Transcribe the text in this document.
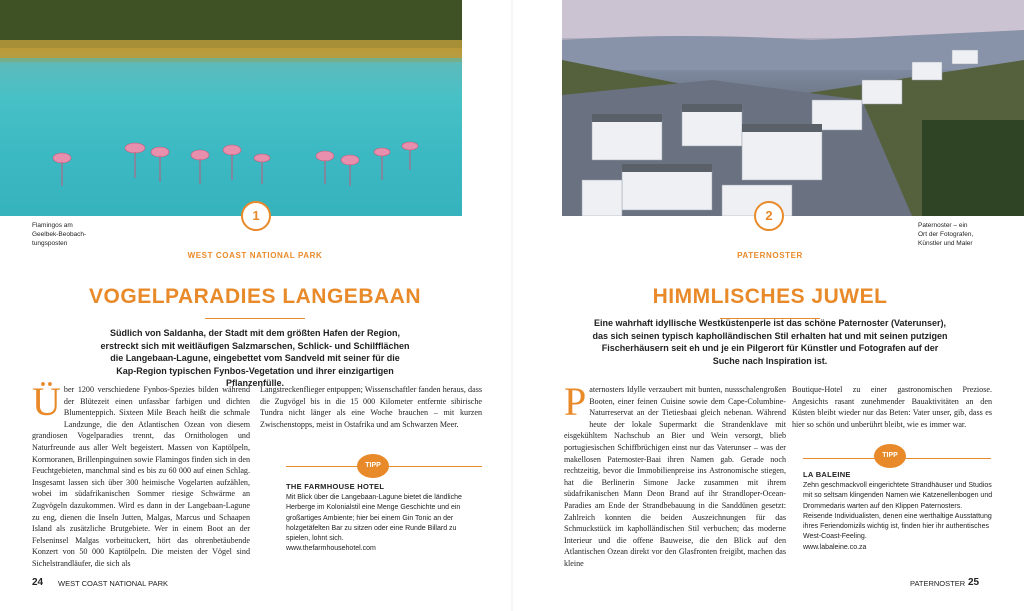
1
Flamingos am
Geelbek-Beobach-
tungsposten
WEST COAST NATIONAL PARK
VOGELPARADIES LANGEBAAN
Südlich von Saldanha, der Stadt mit dem größten Hafen der Region, erstreckt sich mit weitläufigen Salzmarschen, Schlick- und Schilfflächen die Langebaan-Lagune, eingebettet vom Sandveld mit seiner für die Kap-Region typischen Fynbos-Vegetation und ihrer einzigartigen Pflanzenfülle.
Über 1200 verschiedene Fynbos-Spezies bilden während der Blütezeit einen unfassbar farbigen und dichten Blumenteppich. Sixteen Mile Beach heißt die schmale Landzunge, die den Atlantischen Ozean von diesem grandiosen Vogelparadies trennt, das Ornithologen und Naturfreunde aus aller Welt begeistert. Massen von Kaptölpeln, Kormoranen, Brillenpinguinen sowie Flamingos finden sich in den Feuchtgebieten, manchmal sind es bis zu 60 000 auf einen Schlag. Insgesamt lassen sich über 300 heimische Vogelarten aufzählen, wobei im südafrikanischen Sommer riesige Schwärme an Zugvögeln dazukommen. Wird es dann in der Langebaan-Lagune zu eng, dienen die Inseln Jutten, Malgas, Marcus und Schaapen Island als zusätzliche Brutgebiete. Wer in einem Boot an der Felseninsel Malgas vorbeituckert, hört das ohrenbetäubende Konzert von 50 000 Kaptölpeln. Die meisten der Vögel sind Sichelstrandläufer, die sich als
Langstreckenflieger entpuppen; Wissenschaftler fanden heraus, dass die Zugvögel bis in die 15 000 Kilometer entfernte sibirische Tundra nicht länger als eine Woche brauchen – mit kurzen Zwischenstopps, meist in Ostafrika und am Schwarzen Meer.
TIPP
THE FARMHOUSE HOTEL
Mit Blick über die Langebaan-Lagune bietet die ländliche Herberge im Kolonialstil eine Menge Geschichte und ein großartiges Ambiente; hier bei einem Gin Tonic an der holzgetäfelten Bar zu sitzen oder eine Runde Billard zu spielen, lohnt sich.
www.thefarmhousehotel.com
24 WEST COAST NATIONAL PARK
2
Paternoster – ein
Ort der Fotografen,
Künstler und Maler
PATERNOSTER
HIMMLISCHES JUWEL
Eine wahrhaft idyllische Westküstenperle ist das schöne Paternoster (Vaterunser), das sich seinen typisch kapholländischen Stil erhalten hat und mit seinen putzigen Fischerhäusern seit eh und je ein Pilgerort für Künstler und Fotografen auf der Suche nach Inspiration ist.
Paternosters Idylle verzaubert mit bunten, nussschalengroßen Booten, einer feinen Cuisine sowie dem Cape-Columbine-Naturreservat an der Tietiesbaai gleich nebenan. Während heute der lokale Supermarkt die Strandenklave mit eisgekühltem Nachschub an Bier und Wein versorgt, blieb portugiesischen Schiffbrüchigen einst nur das Vaterunser – was der makellosen Paternoster-Baai ihren Namen gab. Gerade noch rechtzeitig, bevor die Immobilienpreise ins Astronomische stiegen, hat die Berlinerin Simone Jacke zusammen mit ihrem südafrikanischen Mann Deon Brand auf ihr Strandloper-Ocean-Paradies am Ende der Strandbebauung in die Sanddünen gesetzt: Zahlreich konnten die beiden Auszeichnungen für das Schmuckstück im kapholländischen Stil verbuchen; das moderne Interieur und die offene Bauweise, die den Blick auf den Atlantischen Ozean direkt vor den Glasfronten freigibt, machen das kleine
Boutique-Hotel zu einer gastronomischen Preziose. Angesichts rasant zunehmender Bauaktivitäten an den Küsten bleibt wieder nur das Beten: Vater unser, gib, dass es hier so schön und unberührt bleibt, wie es immer war.
TIPP
LA BALEINE
Zehn geschmackvoll eingerichtete Strandhäuser und Studios mit so seltsam klingenden Namen wie Katzenellenbogen und Drommedaris warten auf den Klippen Paternosters. Reisende Individualisten, denen eine werthaltige Ausstattung ihres Feriendomizils wichtig ist, finden hier ihr authentisches West-Coast-Feeling.
www.labaleine.co.za
PATERNOSTER 25
